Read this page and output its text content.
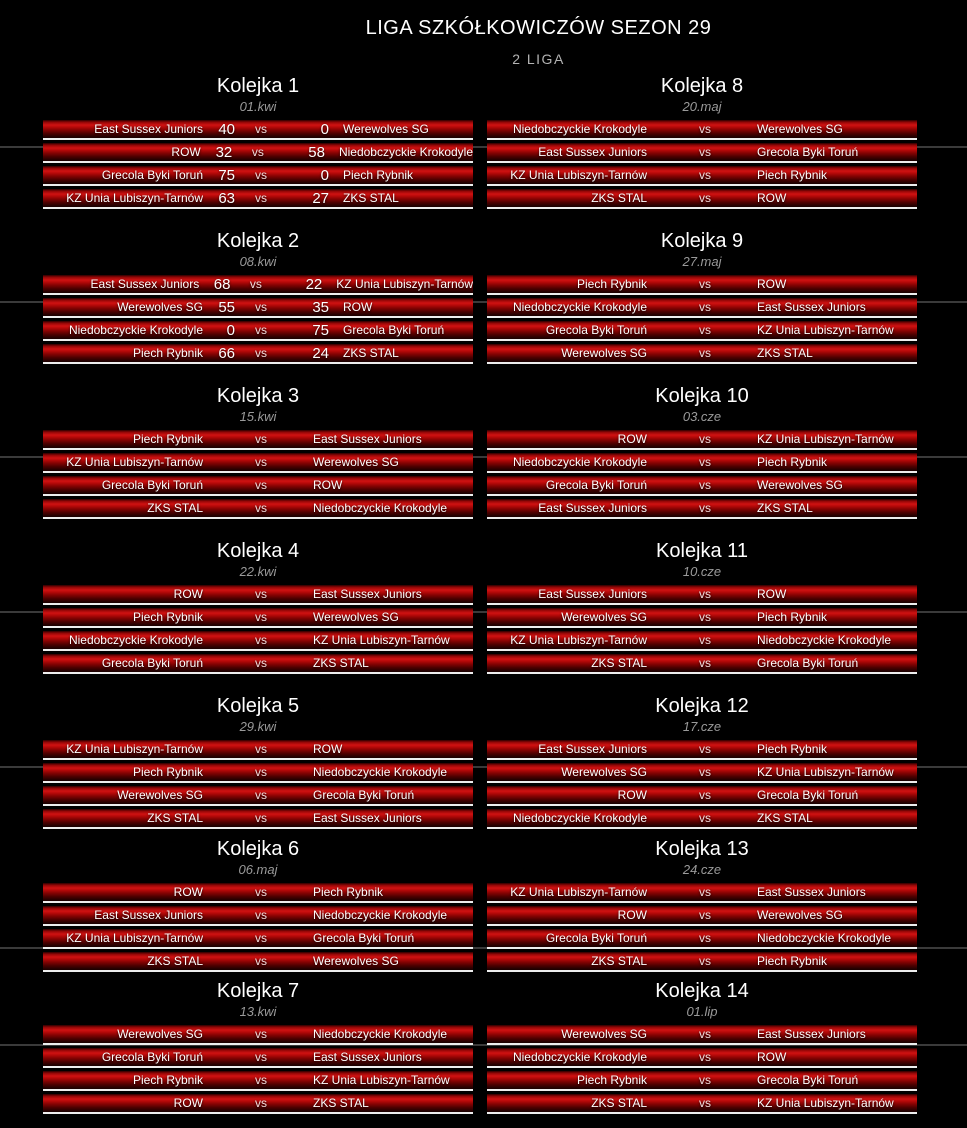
LIGA SZKÓŁKOWICZÓW SEZON 29
2 LIGA
Kolejka 1
01.kwi
East Sussex Juniors	40	vs	0	Werewolves SG
ROW 32	vs	58	Niedobczyckie Krokodyle
Grecola Byki Toruń	75	vs	0	Piech Rybnik
KZ Unia Lubiszyn-Tarnów	63	vs	27	ZKS STAL
Kolejka 2
08.kwi
East Sussex Juniors 68	vs	22	KZ Unia Lubiszyn-Tarnów
Werewolves SG	55	vs	35	ROW
Niedobczyckie Krokodyle	0	vs	75	Grecola Byki Toruń
Piech Rybnik	66	vs	24	ZKS STAL
Kolejka 3
15.kwi
Piech Rybnik	vs	East Sussex Juniors
KZ Unia Lubiszyn-Tarnów	vs	Werewolves SG
Grecola Byki Toruń	vs	ROW
ZKS STAL	vs	Niedobczyckie Krokodyle
Kolejka 4
22.kwi
ROW	vs	East Sussex Juniors
Piech Rybnik	vs	Werewolves SG
Niedobczyckie Krokodyle	vs	KZ Unia Lubiszyn-Tarnów
Grecola Byki Toruń	vs	ZKS STAL
Kolejka 5
29.kwi
KZ Unia Lubiszyn-Tarnów	vs	ROW
Piech Rybnik	vs	Niedobczyckie Krokodyle
Werewolves SG	vs	Grecola Byki Toruń
ZKS STAL	vs	East Sussex Juniors
Kolejka 6
06.maj
ROW	vs	Piech Rybnik
East Sussex Juniors	vs	Niedobczyckie Krokodyle
KZ Unia Lubiszyn-Tarnów	vs	Grecola Byki Toruń
ZKS STAL	vs	Werewolves SG
Kolejka 7
13.kwi
Werewolves SG	vs	Niedobczyckie Krokodyle
Grecola Byki Toruń	vs	East Sussex Juniors
Piech Rybnik	vs	KZ Unia Lubiszyn-Tarnów
ROW	vs	ZKS STAL
Kolejka 8
20.maj
Niedobczyckie Krokodyle	vs	Werewolves SG
East Sussex Juniors	vs	Grecola Byki Toruń
KZ Unia Lubiszyn-Tarnów	vs	Piech Rybnik
ZKS STAL	vs	ROW
Kolejka 9
27.maj
Piech Rybnik	vs	ROW
Niedobczyckie Krokodyle	vs	East Sussex Juniors
Grecola Byki Toruń	vs	KZ Unia Lubiszyn-Tarnów
Werewolves SG	vs	ZKS STAL
Kolejka 10
03.cze
ROW	vs	KZ Unia Lubiszyn-Tarnów
Niedobczyckie Krokodyle	vs	Piech Rybnik
Grecola Byki Toruń	vs	Werewolves SG
East Sussex Juniors	vs	ZKS STAL
Kolejka 11
10.cze
East Sussex Juniors	vs	ROW
Werewolves SG	vs	Piech Rybnik
KZ Unia Lubiszyn-Tarnów	vs	Niedobczyckie Krokodyle
ZKS STAL	vs	Grecola Byki Toruń
Kolejka 12
17.cze
East Sussex Juniors	vs	Piech Rybnik
Werewolves SG	vs	KZ Unia Lubiszyn-Tarnów
ROW	vs	Grecola Byki Toruń
Niedobczyckie Krokodyle	vs	ZKS STAL
Kolejka 13
24.cze
KZ Unia Lubiszyn-Tarnów	vs	East Sussex Juniors
ROW	vs	Werewolves SG
Grecola Byki Toruń	vs	Niedobczyckie Krokodyle
ZKS STAL	vs	Piech Rybnik
Kolejka 14
01.lip
Werewolves SG	vs	East Sussex Juniors
Niedobczyckie Krokodyle	vs	ROW
Piech Rybnik	vs	Grecola Byki Toruń
ZKS STAL	vs	KZ Unia Lubiszyn-Tarnów
